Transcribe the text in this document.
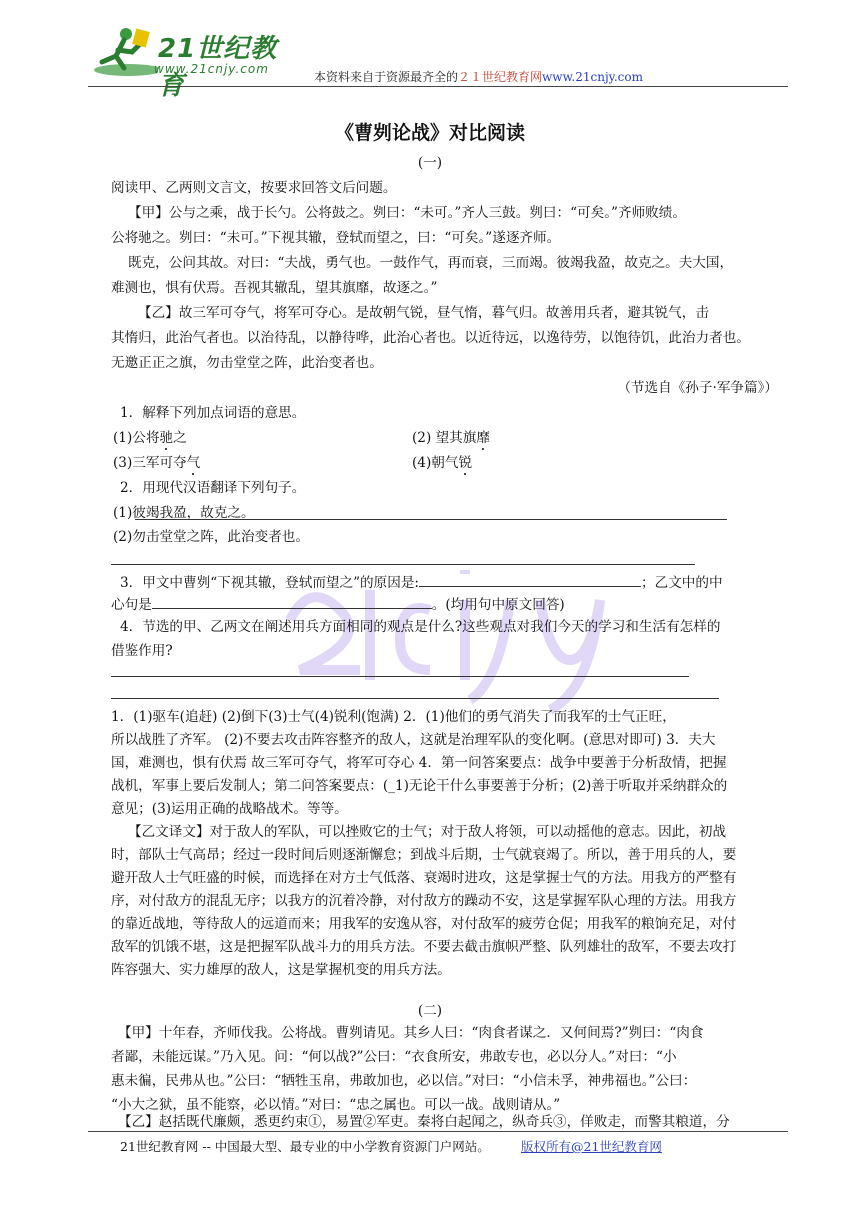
21世纪教育
www.21cnjy.com
本资料来自于资源最齐全的２１世纪教育网www.21cnjy.com
《曹刿论战》对比阅读
(一)
阅读甲、乙两则文言文，按要求回答文后问题。
【甲】公与之乘，战于长勺。公将鼓之。刿曰：“未可。”齐人三鼓。刿曰：“可矣。”齐师败绩。
公将驰之。刿曰：“未可。”下视其辙，登轼而望之，曰：“可矣。”遂逐齐师。
既克，公问其故。对曰：“夫战，勇气也。一鼓作气，再而衰，三而竭。彼竭我盈，故克之。夫大国，
难测也，惧有伏焉。吾视其辙乱，望其旗靡，故逐之。”
【乙】故三军可夺气，将军可夺心。是故朝气锐，昼气惰，暮气归。故善用兵者，避其锐气，击
其惰归，此治气者也。以治待乱，以静待哗，此治心者也。以近待远，以逸待劳，以饱待饥，此治力者也。
无邀正正之旗，勿击堂堂之阵，此治变者也。
（节选自《孙子·军争篇》）
1．解释下列加点词语的意思。
(1)公将驰之	(2) 望其旗靡
(3)三军可夺气	(4)朝气锐
2．用现代汉语翻译下列句子。
(1)彼竭我盈，故克之。
(2)勿击堂堂之阵，此治变者也。
3．甲文中曹刿“下视其辙，登轼而望之”的原因是:	；乙文中的中
心句是	。(均用句中原文回答)
4．节选的甲、乙两文在阐述用兵方面相同的观点是什么?这些观点对我们今天的学习和生活有怎样的
借鉴作用?
1．(1)驱车(追赶) (2)倒下(3)士气(4)锐利(饱满) 2．(1)他们的勇气消失了而我军的士气正旺，
所以战胜了齐军。 (2)不要去攻击阵容整齐的敌人，这就是治理军队的变化啊。(意思对即可) 3．夫大
国，难测也，惧有伏焉 故三军可夺气，将军可夺心 4．第一问答案要点：战争中要善于分析敌情，把握
战机，军事上要后发制人；第二问答案要点：(_1)无论干什么事要善于分析；(2)善于听取并采纳群众的
意见；(3)运用正确的战略战术。等等。
【乙文译文】对于敌人的军队，可以挫败它的士气；对于敌人将领，可以动摇他的意志。因此，初战
时，部队士气高昂；经过一段时间后则逐渐懈怠；到战斗后期，士气就衰竭了。所以，善于用兵的人，要
避开敌人士气旺盛的时候，而选择在对方士气低落、衰竭时进攻，这是掌握士气的方法。用我方的严整有
序，对付敌方的混乱无序；以我方的沉着冷静，对付敌方的躁动不安，这是掌握军队心理的方法。用我方
的靠近战地，等待敌人的远道而来；用我军的安逸从容，对付敌军的疲劳仓促；用我军的粮饷充足，对付
敌军的饥饿不堪，这是把握军队战斗力的用兵方法。不要去截击旗帜严整、队列雄壮的敌军，不要去攻打
阵容强大、实力雄厚的敌人，这是掌握机变的用兵方法。
(二)
【甲】十年春，齐师伐我。公将战。曹刿请见。其乡人曰：“肉食者谋之．又何间焉?”刿曰：“肉食
者鄙，未能远谋。”乃入见。问：“何以战?”公曰：“衣食所安，弗敢专也，必以分人。”对曰：“小
惠未徧，民弗从也。”公曰：“牺牲玉帛，弗敢加也，必以信。”对曰：“小信未孚，神弗福也。”公曰：
“小大之狱，虽不能察，必以情。”对曰：“忠之属也。可以一战。战则请从。”
【乙】赵括既代廉颇，悉更约束①，易置②军吏。秦将白起闻之，纵奇兵③，佯败走，而警其粮道，分
21世纪教育网 -- 中国最大型、最专业的中小学教育资源门户网站。 版权所有@21世纪教育网
